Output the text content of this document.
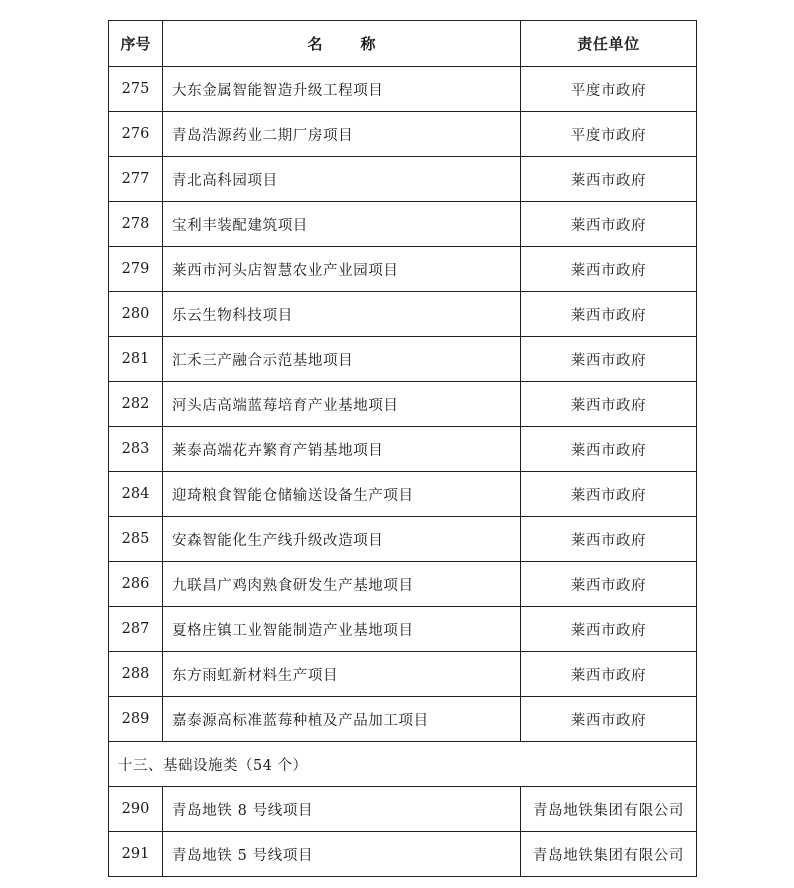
序号	名称	责任单位
275	大东金属智能智造升级工程项目	平度市政府
276	青岛浩源药业二期厂房项目	平度市政府
277	青北高科园项目	莱西市政府
278	宝利丰装配建筑项目	莱西市政府
279	莱西市河头店智慧农业产业园项目	莱西市政府
280	乐云生物科技项目	莱西市政府
281	汇禾三产融合示范基地项目	莱西市政府
282	河头店高端蓝莓培育产业基地项目	莱西市政府
283	莱泰高端花卉繁育产销基地项目	莱西市政府
284	迎琦粮食智能仓储输送设备生产项目	莱西市政府
285	安森智能化生产线升级改造项目	莱西市政府
286	九联昌广鸡肉熟食研发生产基地项目	莱西市政府
287	夏格庄镇工业智能制造产业基地项目	莱西市政府
288	东方雨虹新材料生产项目	莱西市政府
289	嘉泰源高标准蓝莓种植及产品加工项目	莱西市政府
十三、基础设施类（54 个）		
290	青岛地铁 8 号线项目	青岛地铁集团有限公司
291	青岛地铁 5 号线项目	青岛地铁集团有限公司
